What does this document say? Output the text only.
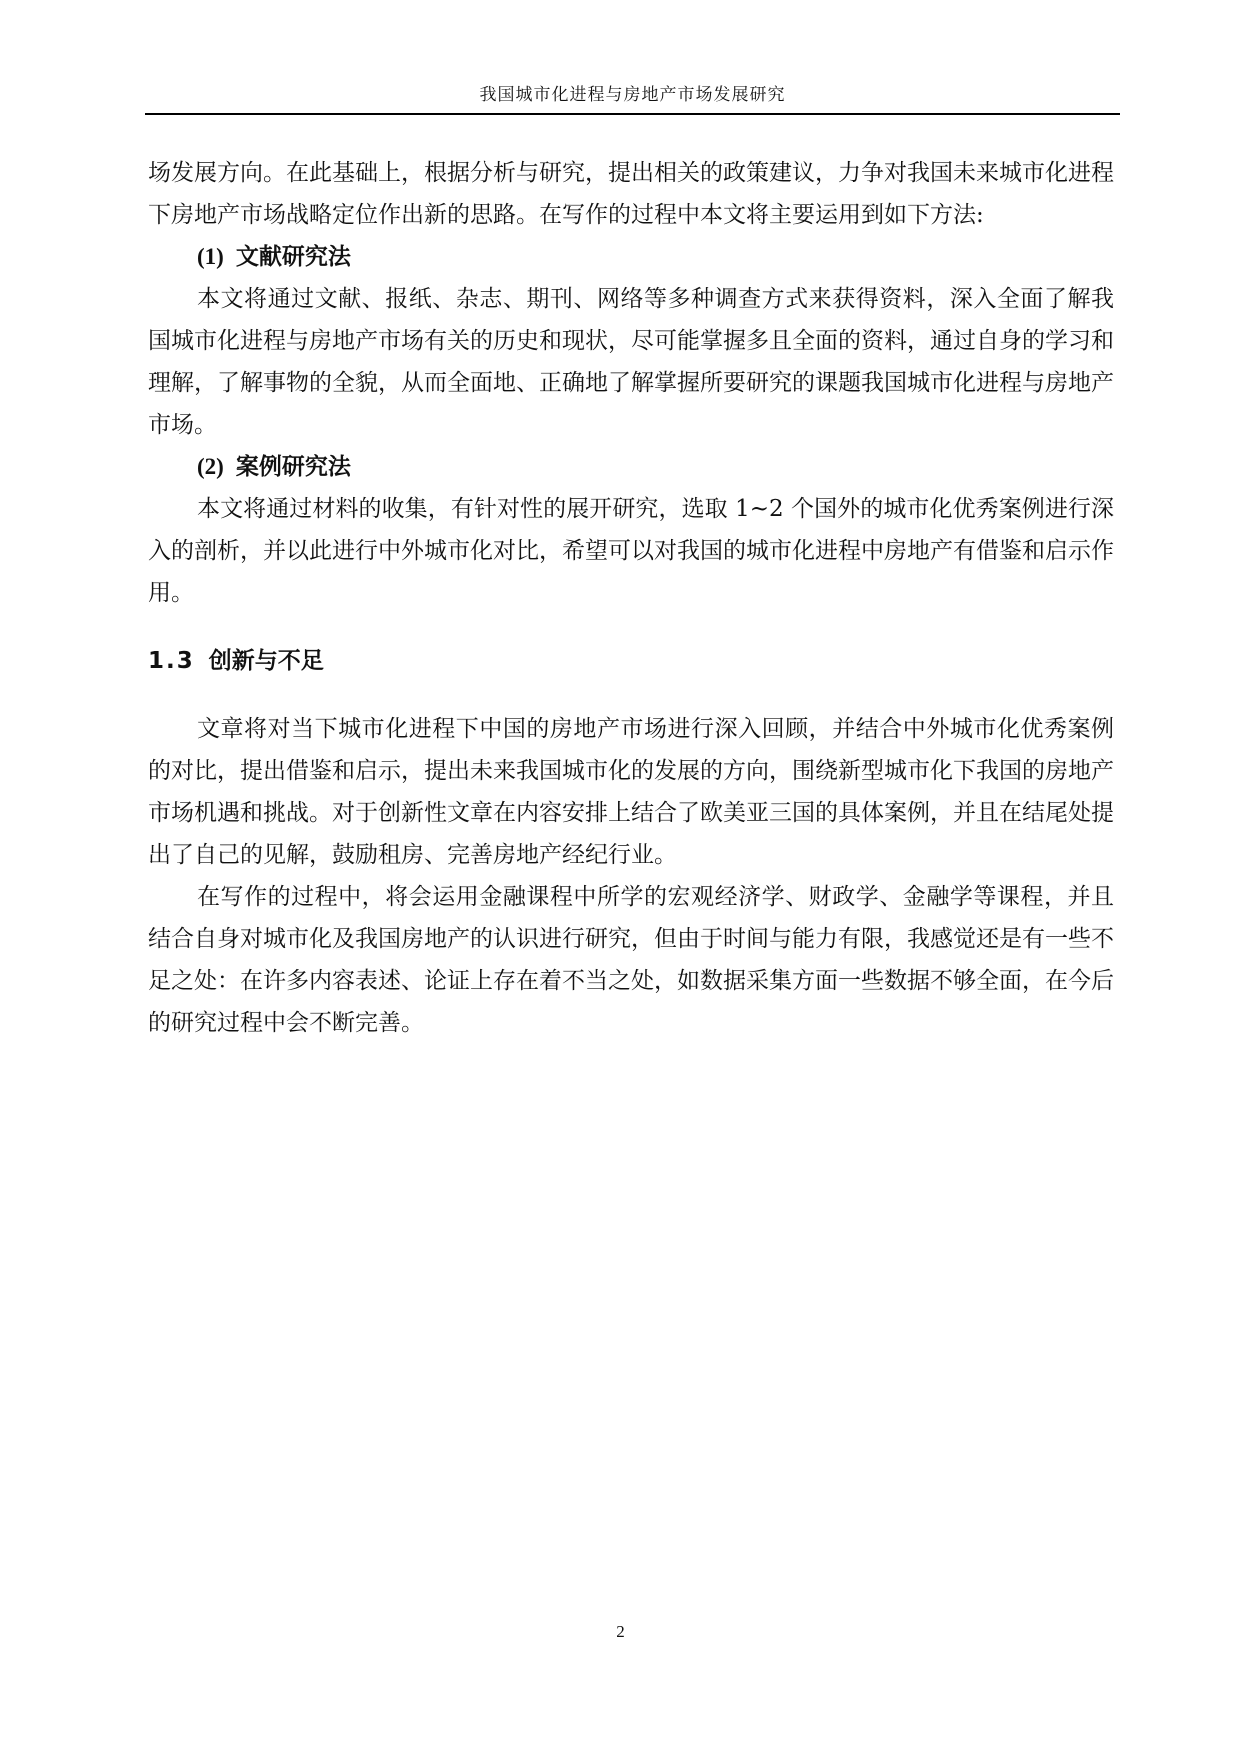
我国城市化进程与房地产市场发展研究

场发展方向。在此基础上，根据分析与研究，提出相关的政策建议，力争对我国未来城市化进程下房地产市场战略定位作出新的思路。在写作的过程中本文将主要运用到如下方法:

(1) 文献研究法

本文将通过文献、报纸、杂志、期刊、网络等多种调查方式来获得资料，深入全面了解我国城市化进程与房地产市场有关的历史和现状，尽可能掌握多且全面的资料，通过自身的学习和理解，了解事物的全貌，从而全面地、正确地了解掌握所要研究的课题我国城市化进程与房地产市场。

(2) 案例研究法

本文将通过材料的收集，有针对性的展开研究，选取 1~2 个国外的城市化优秀案例进行深入的剖析，并以此进行中外城市化对比，希望可以对我国的城市化进程中房地产有借鉴和启示作用。

1.3 创新与不足

文章将对当下城市化进程下中国的房地产市场进行深入回顾，并结合中外城市化优秀案例的对比，提出借鉴和启示，提出未来我国城市化的发展的方向，围绕新型城市化下我国的房地产市场机遇和挑战。对于创新性文章在内容安排上结合了欧美亚三国的具体案例，并且在结尾处提出了自己的见解，鼓励租房、完善房地产经纪行业。

在写作的过程中，将会运用金融课程中所学的宏观经济学、财政学、金融学等课程，并且结合自身对城市化及我国房地产的认识进行研究，但由于时间与能力有限，我感觉还是有一些不足之处：在许多内容表述、论证上存在着不当之处，如数据采集方面一些数据不够全面，在今后的研究过程中会不断完善。

2
